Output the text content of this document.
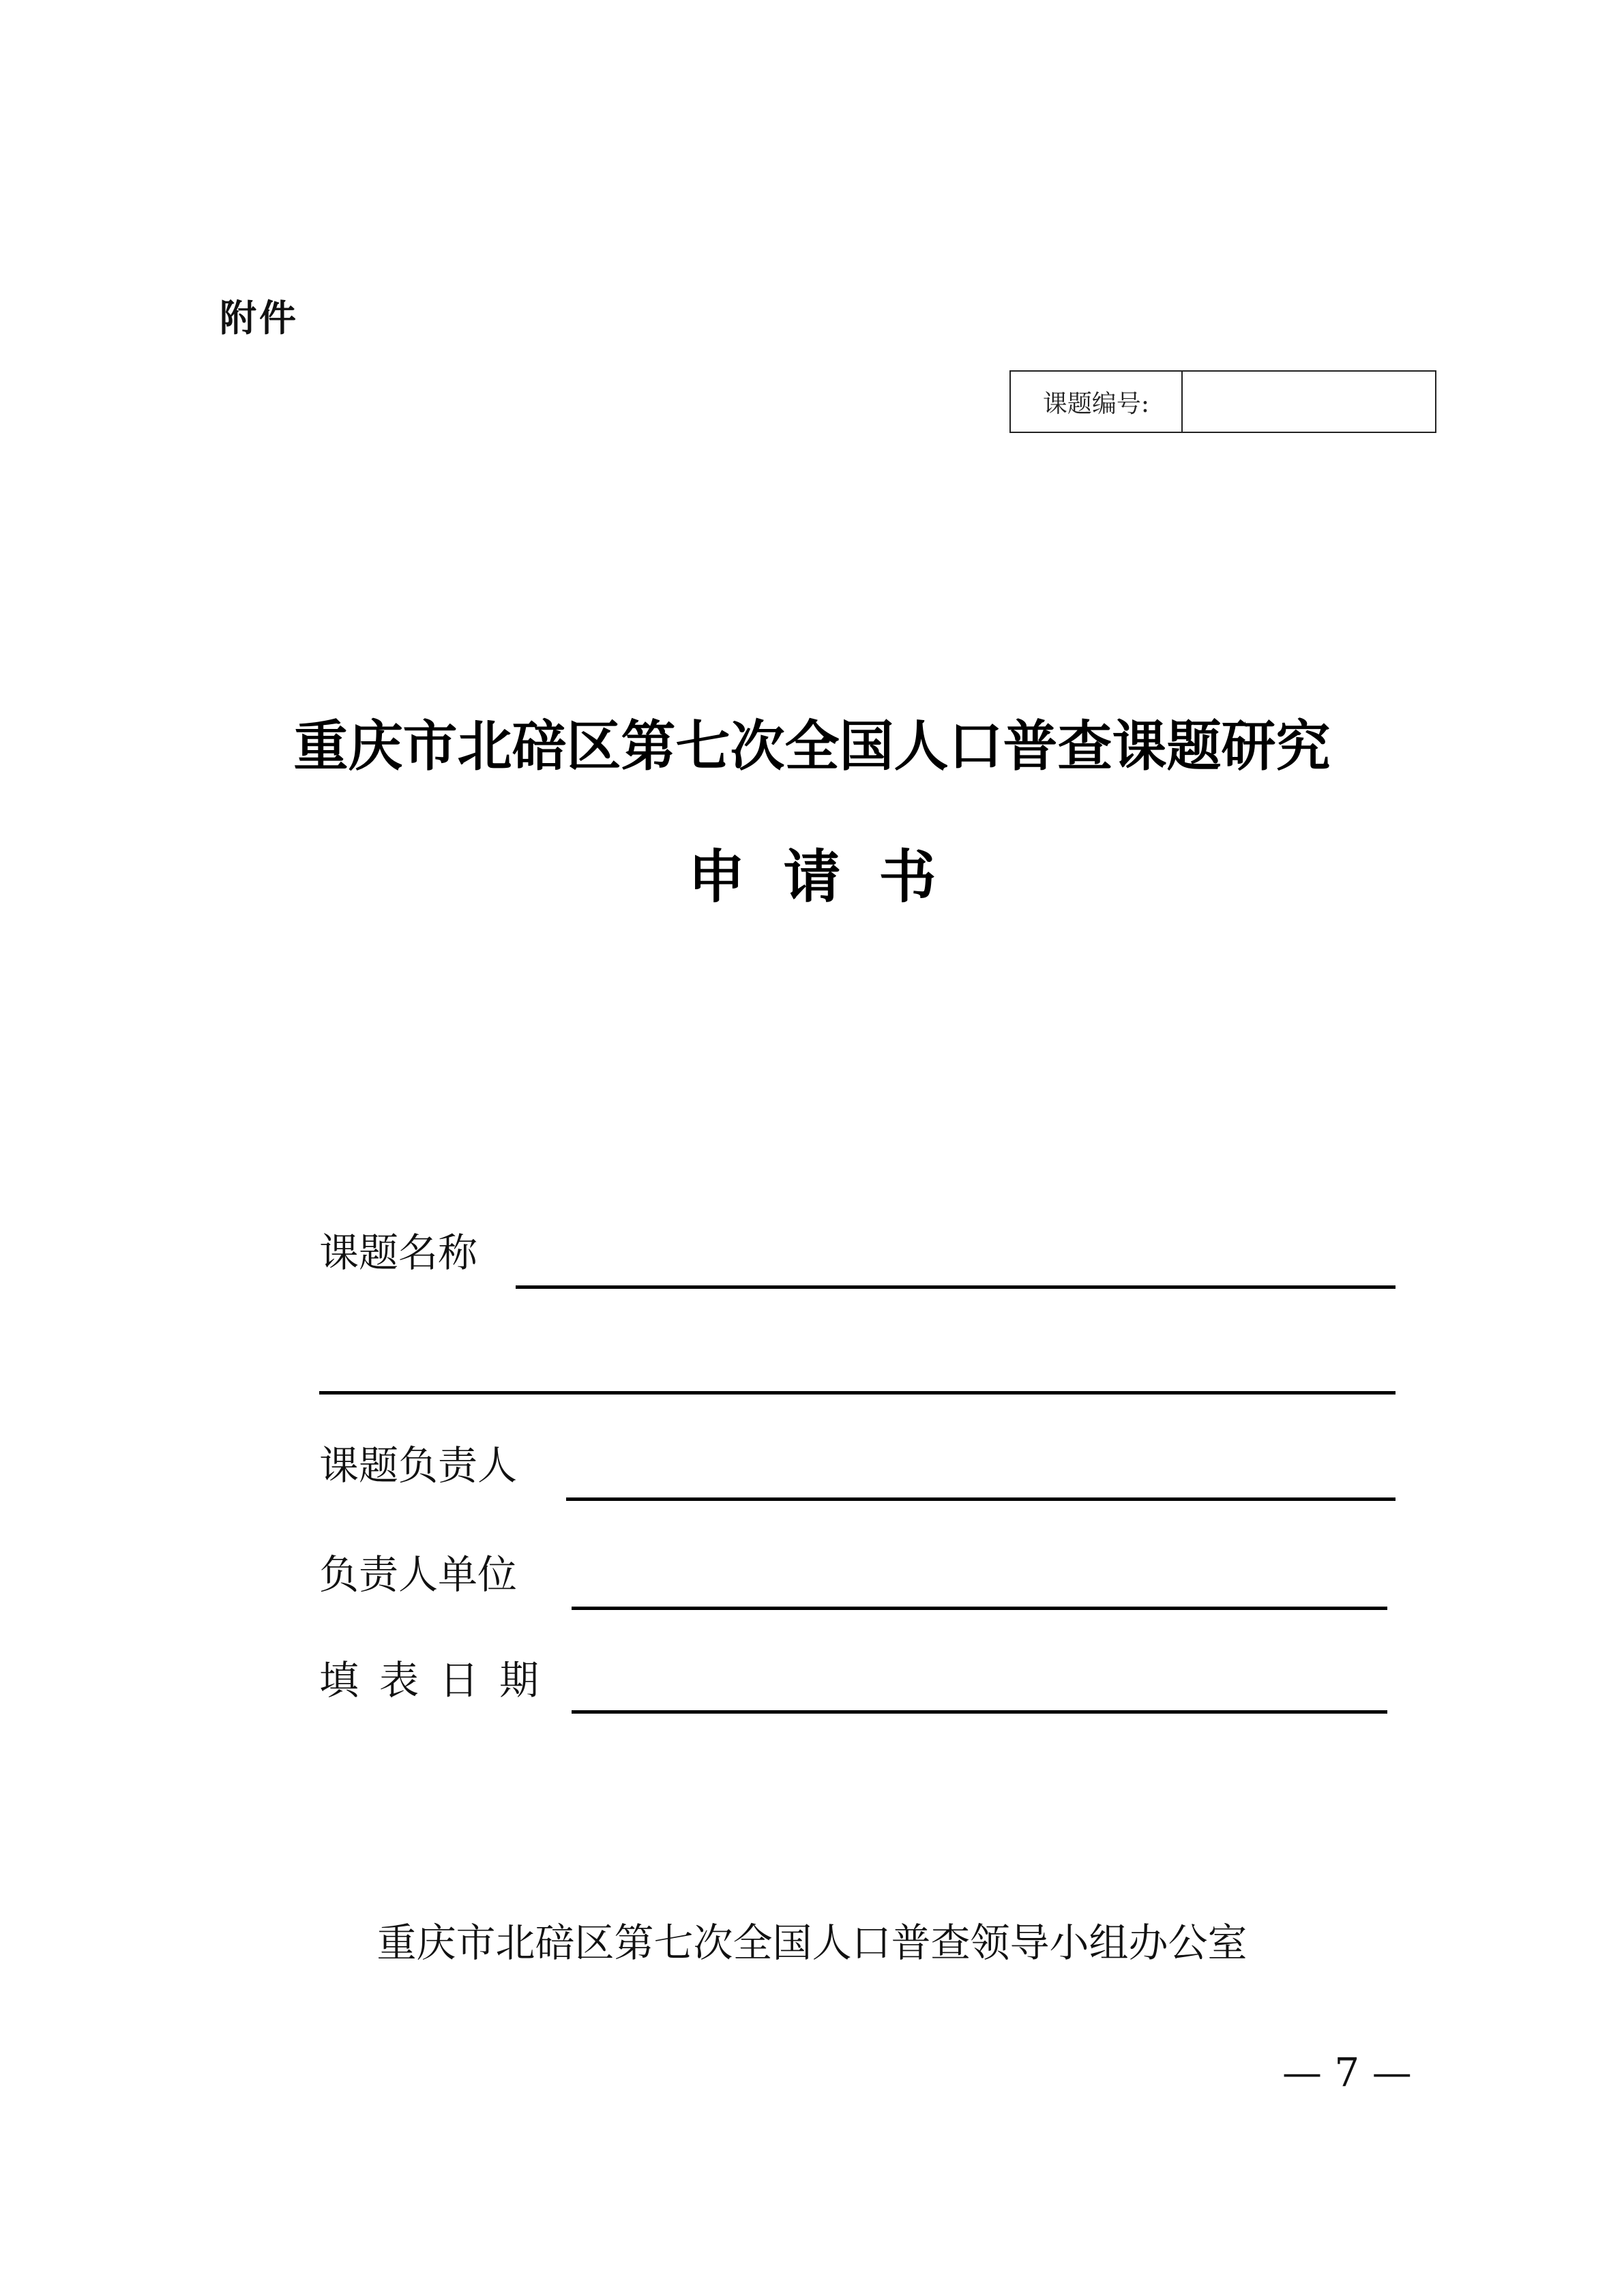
附件
课题编号:
重庆市北碚区第七次全国人口普查课题研究
申请书
课题名称
课题负责人
负责人单位
填表日期
重庆市北碚区第七次全国人口普查领导小组办公室
— 7 —
